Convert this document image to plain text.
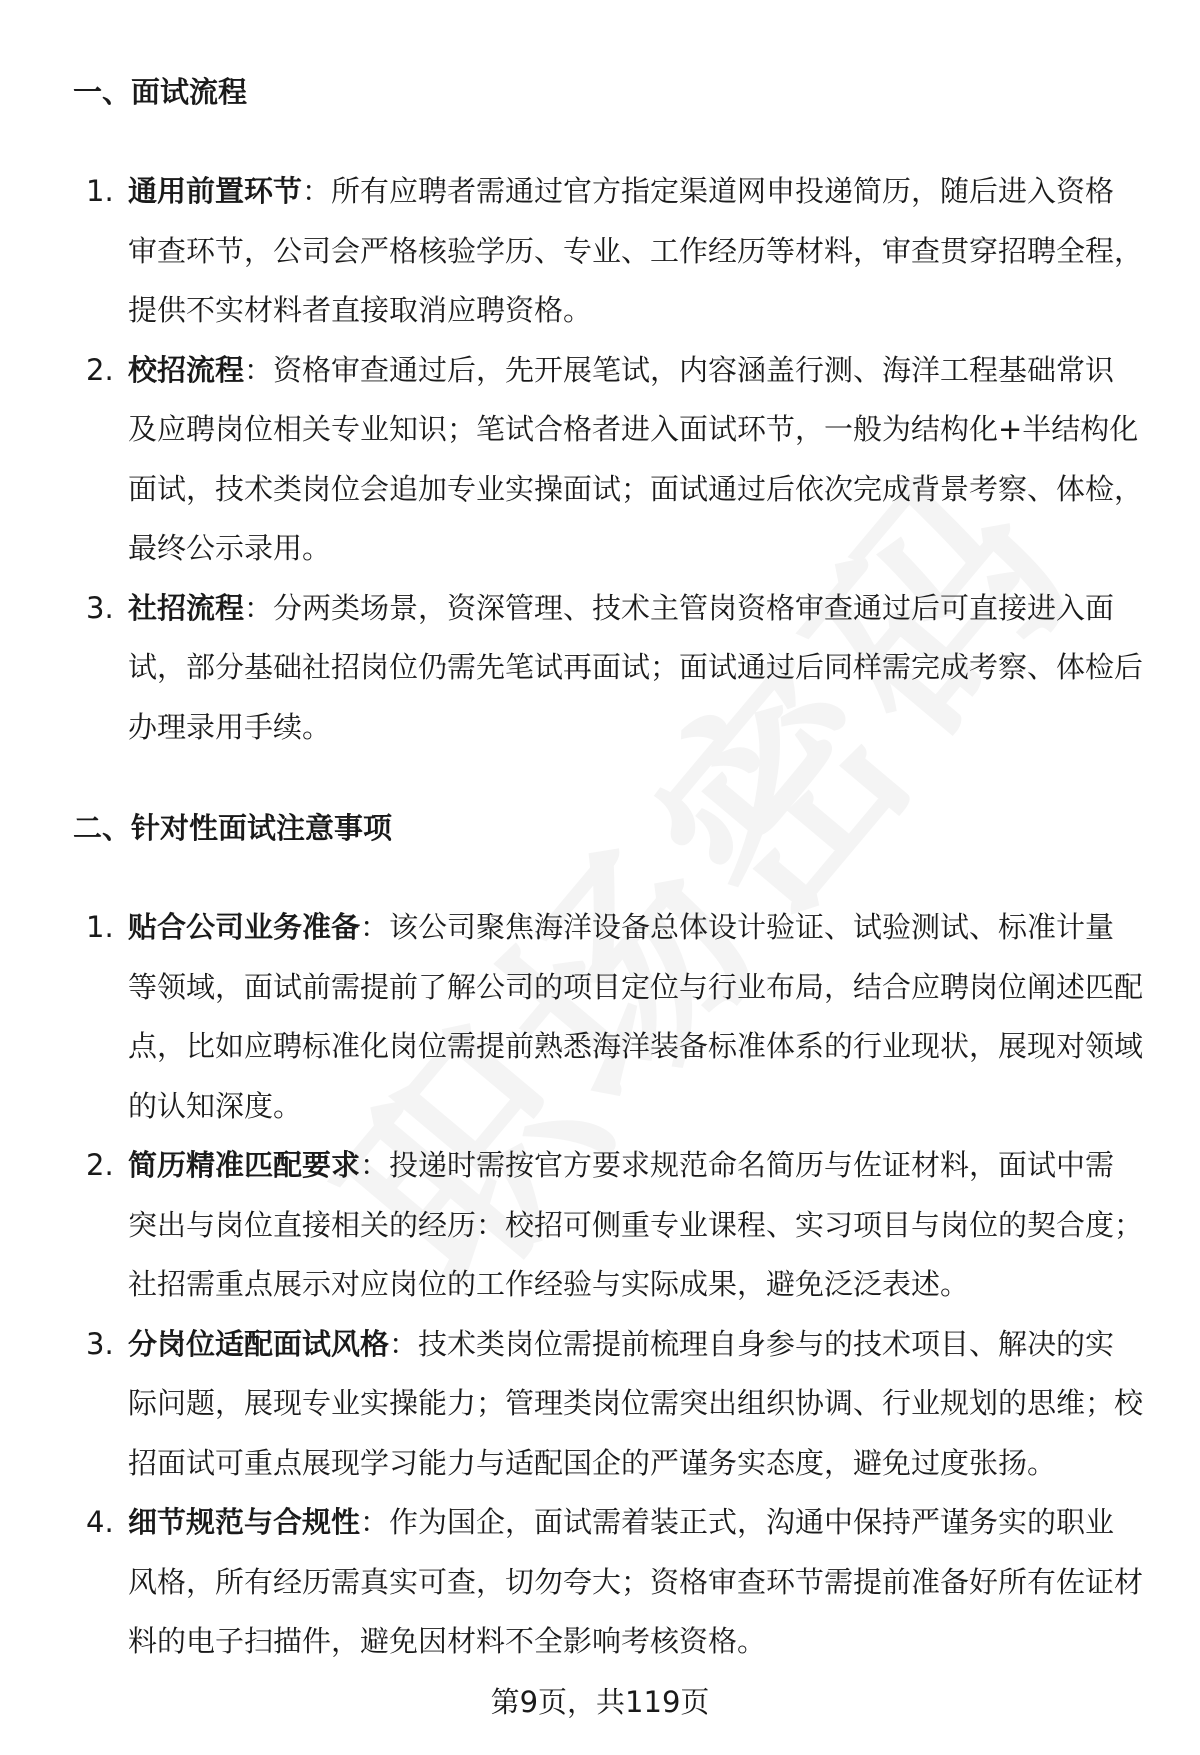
一、面试流程
1. 通用前置环节：所有应聘者需通过官方指定渠道网申投递简历，随后进入资格审查环节，公司会严格核验学历、专业、工作经历等材料，审查贯穿招聘全程，提供不实材料者直接取消应聘资格。
2. 校招流程：资格审查通过后，先开展笔试，内容涵盖行测、海洋工程基础常识及应聘岗位相关专业知识；笔试合格者进入面试环节，一般为结构化+半结构化面试，技术类岗位会追加专业实操面试；面试通过后依次完成背景考察、体检，最终公示录用。
3. 社招流程：分两类场景，资深管理、技术主管岗资格审查通过后可直接进入面试，部分基础社招岗位仍需先笔试再面试；面试通过后同样需完成考察、体检后办理录用手续。
二、针对性面试注意事项
1. 贴合公司业务准备：该公司聚焦海洋设备总体设计验证、试验测试、标准计量等领域，面试前需提前了解公司的项目定位与行业布局，结合应聘岗位阐述匹配点，比如应聘标准化岗位需提前熟悉海洋装备标准体系的行业现状，展现对领域的认知深度。
2. 简历精准匹配要求：投递时需按官方要求规范命名简历与佐证材料，面试中需突出与岗位直接相关的经历：校招可侧重专业课程、实习项目与岗位的契合度；社招需重点展示对应岗位的工作经验与实际成果，避免泛泛表述。
3. 分岗位适配面试风格：技术类岗位需提前梳理自身参与的技术项目、解决的实际问题，展现专业实操能力；管理类岗位需突出组织协调、行业规划的思维；校招面试可重点展现学习能力与适配国企的严谨务实态度，避免过度张扬。
4. 细节规范与合规性：作为国企，面试需着装正式，沟通中保持严谨务实的职业风格，所有经历需真实可查，切勿夸大；资格审查环节需提前准备好所有佐证材料的电子扫描件，避免因材料不全影响考核资格。
第9页，共119页
